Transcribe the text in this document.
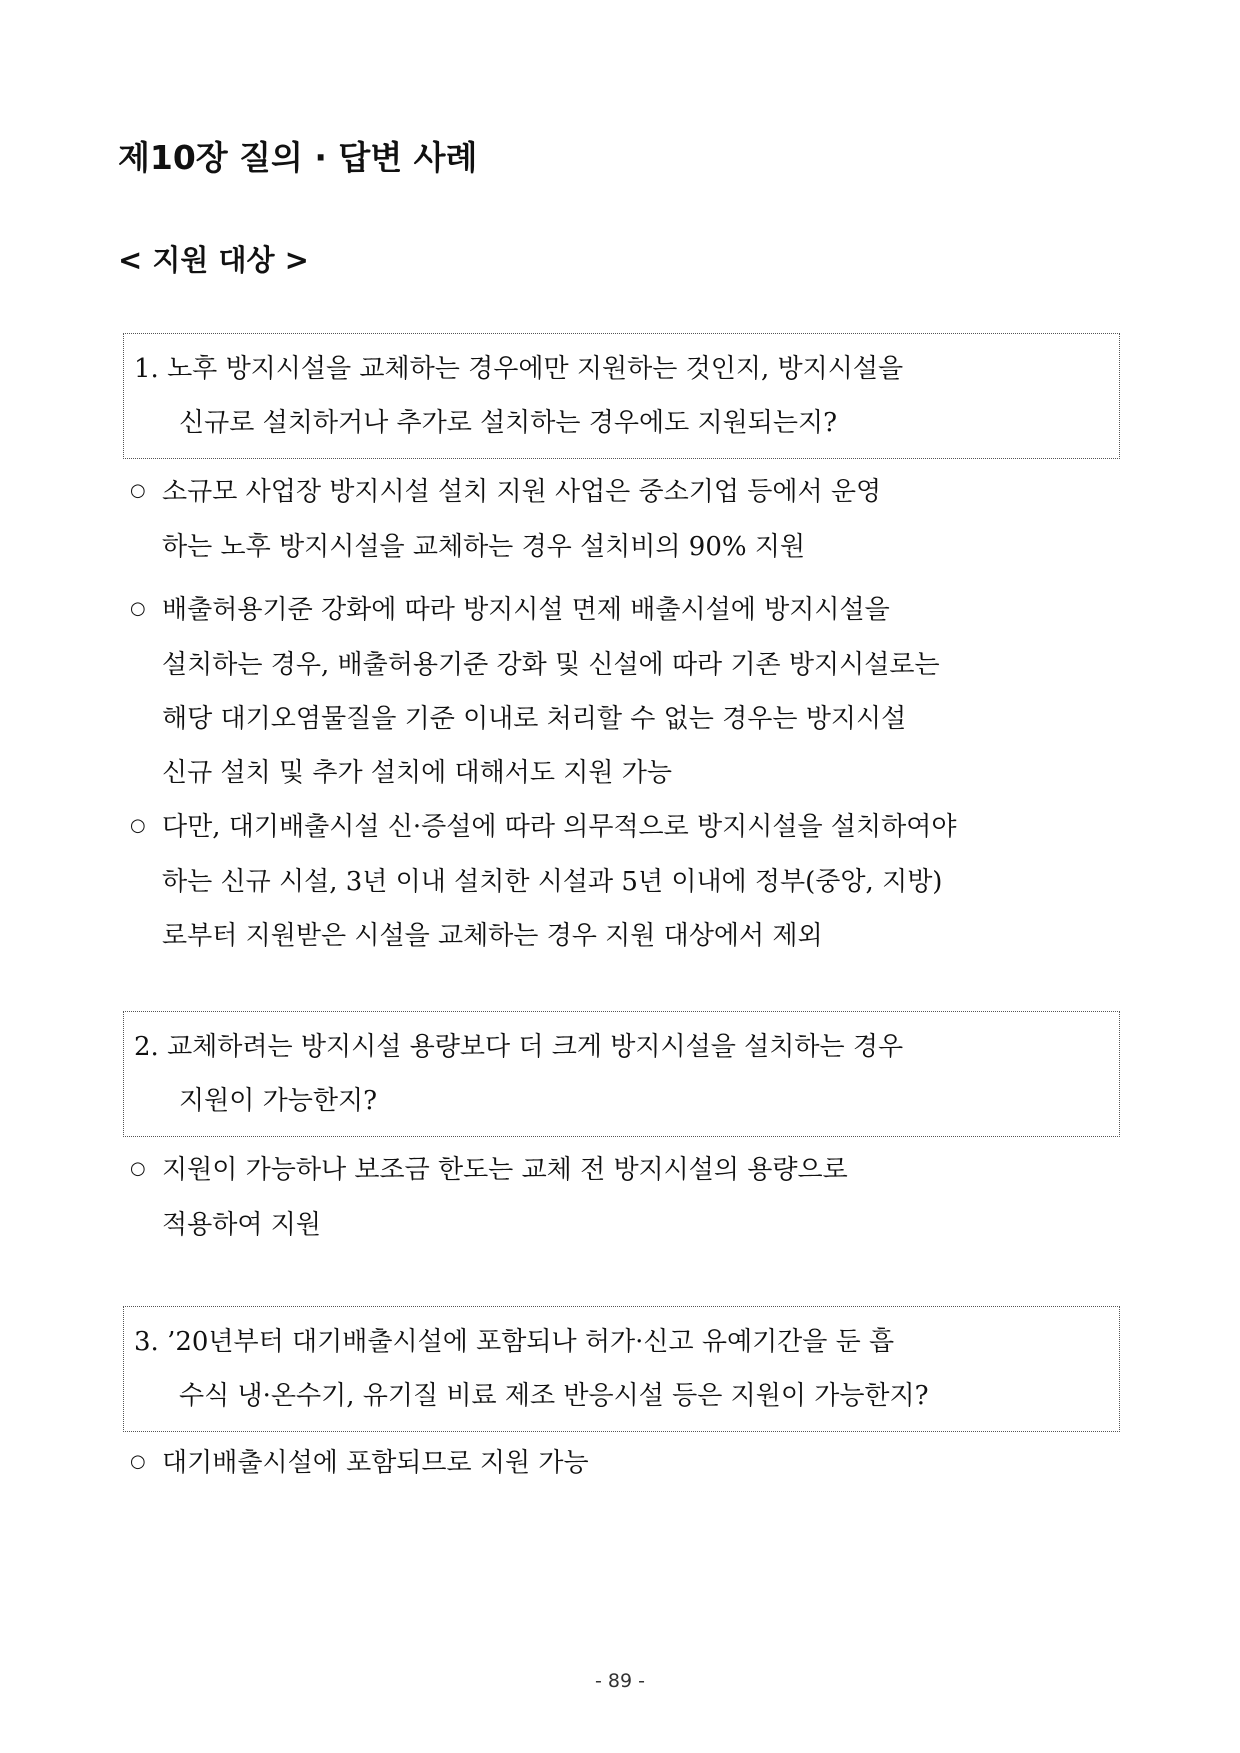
제10장 질의 · 답변 사례
< 지원 대상 >
1. 노후 방지시설을 교체하는 경우에만 지원하는 것인지, 방지시설을
신규로 설치하거나 추가로 설치하는 경우에도 지원되는지?
○ 소규모 사업장 방지시설 설치 지원 사업은 중소기업 등에서 운영
하는 노후 방지시설을 교체하는 경우 설치비의 90% 지원
○ 배출허용기준 강화에 따라 방지시설 면제 배출시설에 방지시설을
설치하는 경우, 배출허용기준 강화 및 신설에 따라 기존 방지시설로는
해당 대기오염물질을 기준 이내로 처리할 수 없는 경우는 방지시설
신규 설치 및 추가 설치에 대해서도 지원 가능
○ 다만, 대기배출시설 신·증설에 따라 의무적으로 방지시설을 설치하여야
하는 신규 시설, 3년 이내 설치한 시설과 5년 이내에 정부(중앙, 지방)
로부터 지원받은 시설을 교체하는 경우 지원 대상에서 제외
2. 교체하려는 방지시설 용량보다 더 크게 방지시설을 설치하는 경우
지원이 가능한지?
○ 지원이 가능하나 보조금 한도는 교체 전 방지시설의 용량으로
적용하여 지원
3. ’20년부터 대기배출시설에 포함되나 허가·신고 유예기간을 둔 흡
수식 냉·온수기, 유기질 비료 제조 반응시설 등은 지원이 가능한지?
○ 대기배출시설에 포함되므로 지원 가능
- 89 -
